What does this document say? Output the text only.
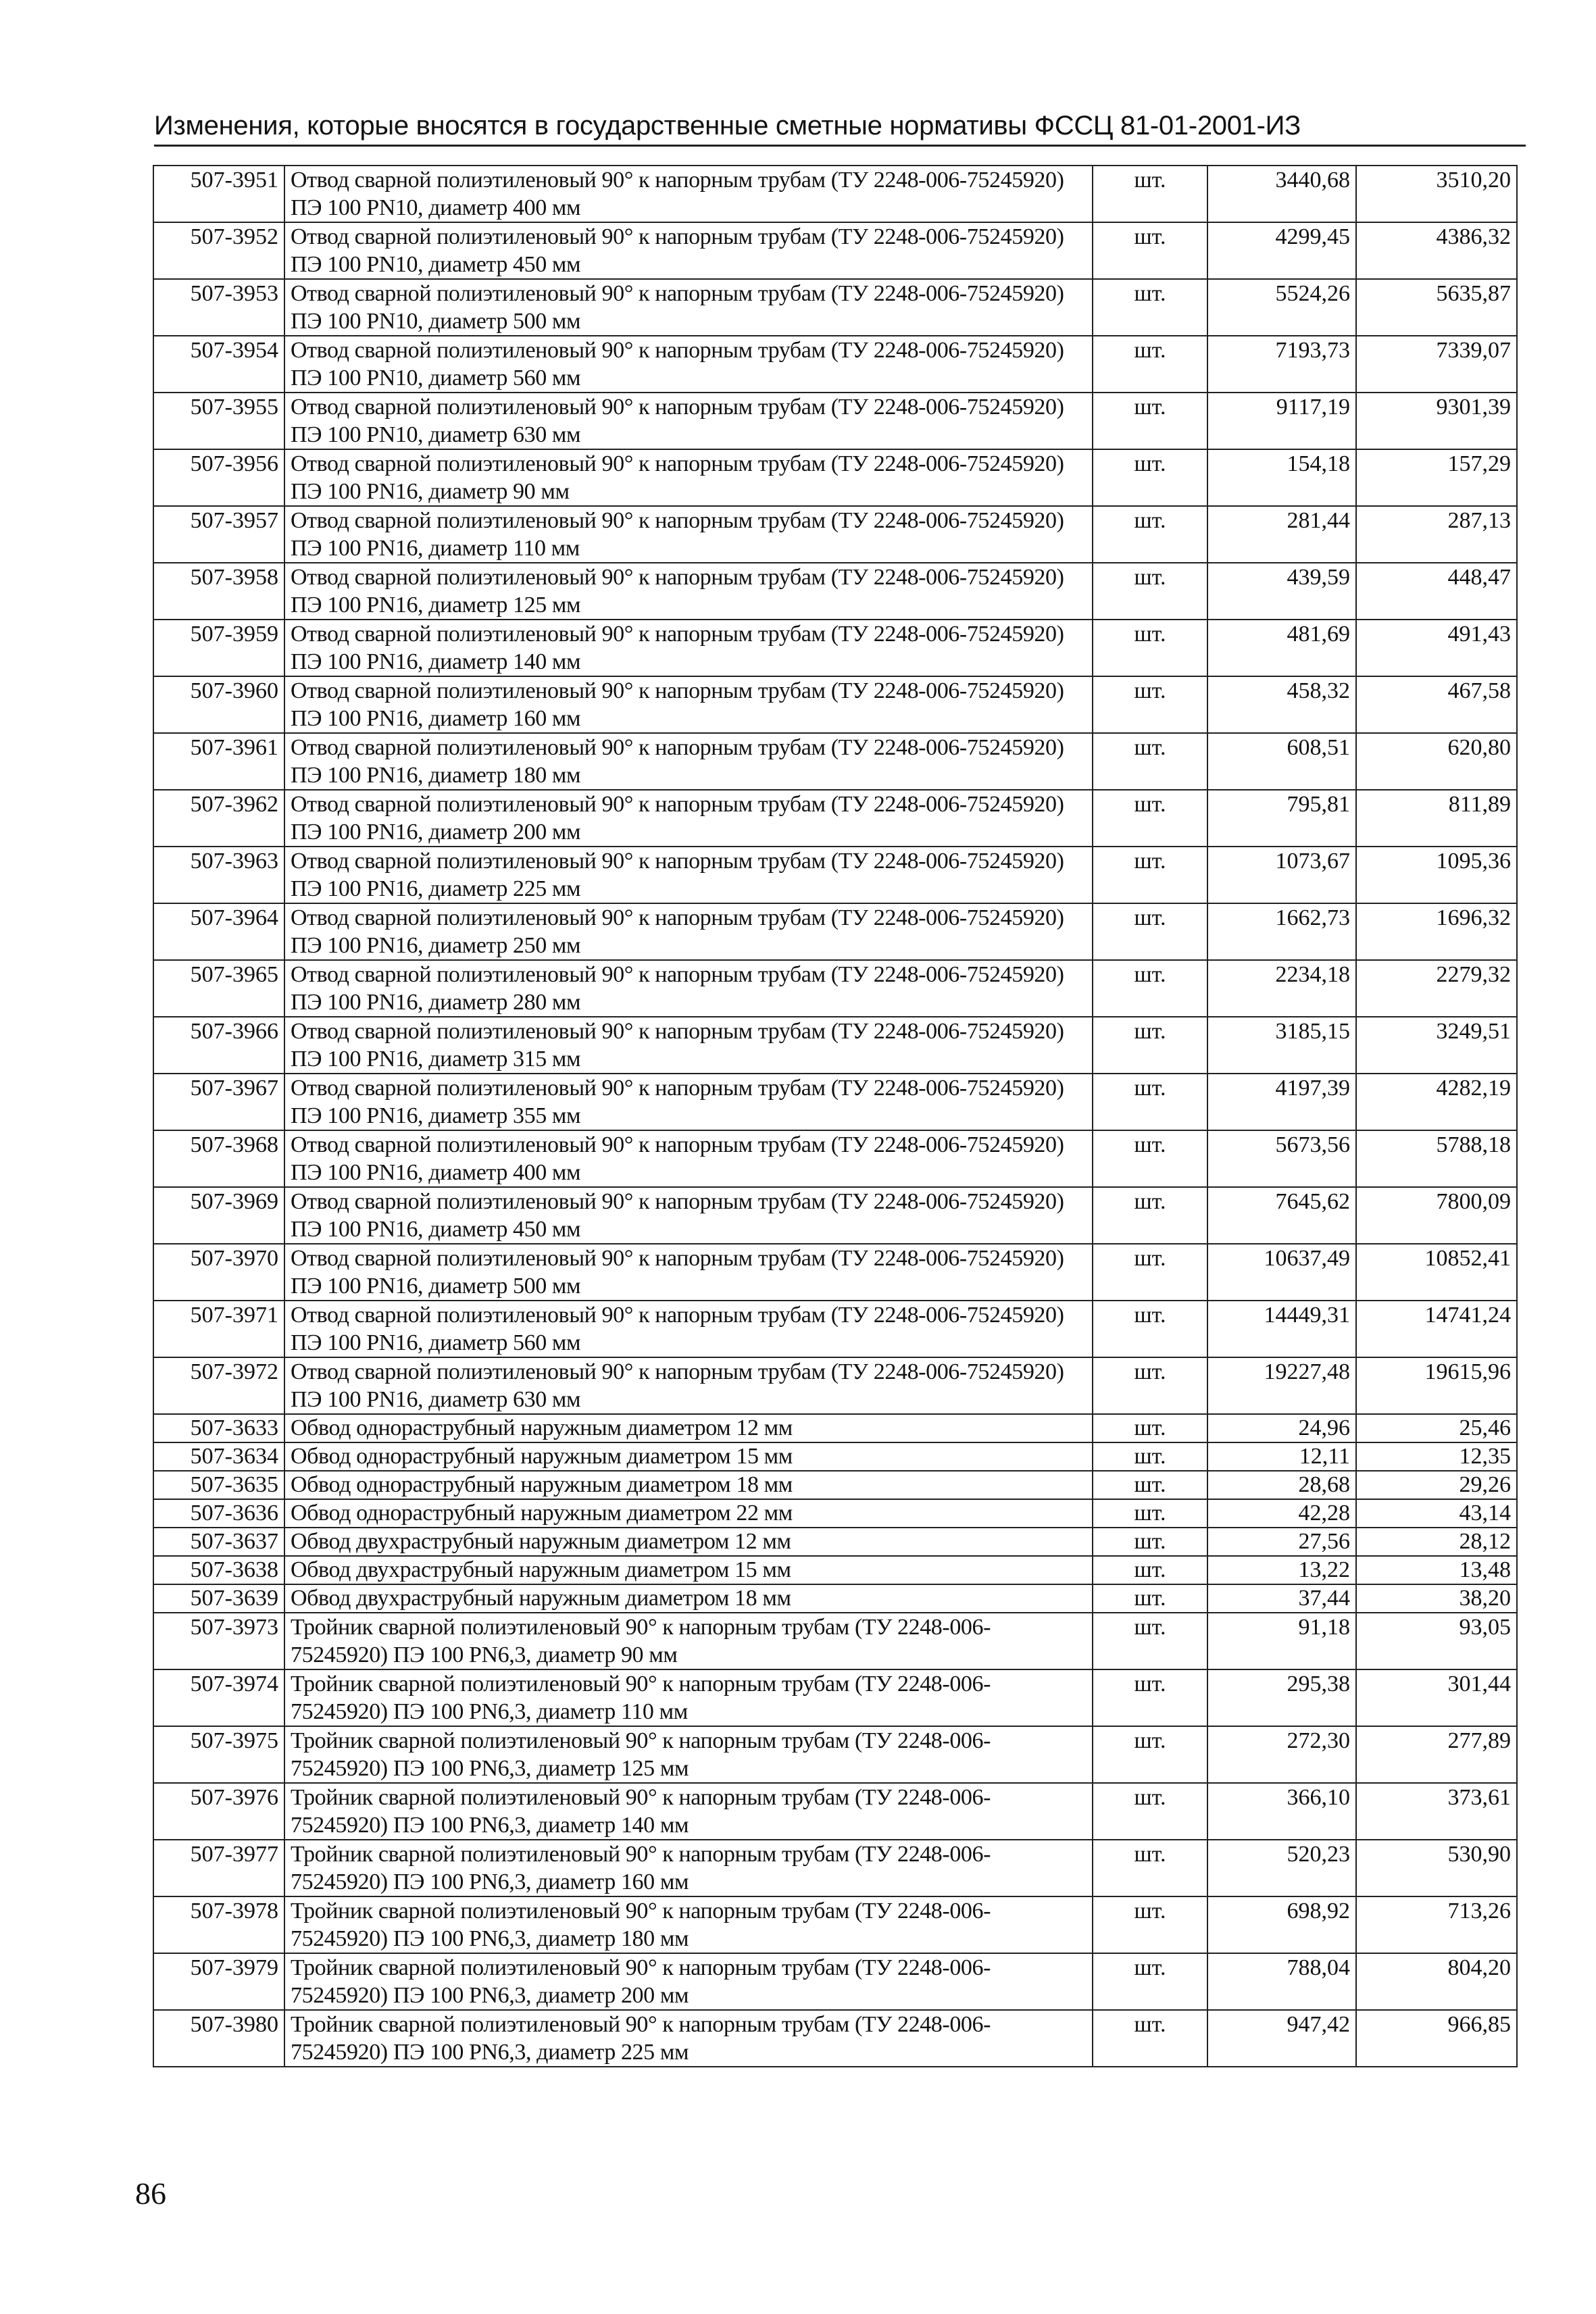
Изменения, которые вносятся в государственные сметные нормативы ФССЦ 81-01-2001-ИЗ
507-3951	Отвод сварной полиэтиленовый 90° к напорным трубам (ТУ 2248-006-75245920) ПЭ 100 PN10, диаметр 400 мм	шт.	3440,68	3510,20
507-3952	Отвод сварной полиэтиленовый 90° к напорным трубам (ТУ 2248-006-75245920) ПЭ 100 PN10, диаметр 450 мм	шт.	4299,45	4386,32
507-3953	Отвод сварной полиэтиленовый 90° к напорным трубам (ТУ 2248-006-75245920) ПЭ 100 PN10, диаметр 500 мм	шт.	5524,26	5635,87
507-3954	Отвод сварной полиэтиленовый 90° к напорным трубам (ТУ 2248-006-75245920) ПЭ 100 PN10, диаметр 560 мм	шт.	7193,73	7339,07
507-3955	Отвод сварной полиэтиленовый 90° к напорным трубам (ТУ 2248-006-75245920) ПЭ 100 PN10, диаметр 630 мм	шт.	9117,19	9301,39
507-3956	Отвод сварной полиэтиленовый 90° к напорным трубам (ТУ 2248-006-75245920) ПЭ 100 PN16, диаметр 90 мм	шт.	154,18	157,29
507-3957	Отвод сварной полиэтиленовый 90° к напорным трубам (ТУ 2248-006-75245920) ПЭ 100 PN16, диаметр 110 мм	шт.	281,44	287,13
507-3958	Отвод сварной полиэтиленовый 90° к напорным трубам (ТУ 2248-006-75245920) ПЭ 100 PN16, диаметр 125 мм	шт.	439,59	448,47
507-3959	Отвод сварной полиэтиленовый 90° к напорным трубам (ТУ 2248-006-75245920) ПЭ 100 PN16, диаметр 140 мм	шт.	481,69	491,43
507-3960	Отвод сварной полиэтиленовый 90° к напорным трубам (ТУ 2248-006-75245920) ПЭ 100 PN16, диаметр 160 мм	шт.	458,32	467,58
507-3961	Отвод сварной полиэтиленовый 90° к напорным трубам (ТУ 2248-006-75245920) ПЭ 100 PN16, диаметр 180 мм	шт.	608,51	620,80
507-3962	Отвод сварной полиэтиленовый 90° к напорным трубам (ТУ 2248-006-75245920) ПЭ 100 PN16, диаметр 200 мм	шт.	795,81	811,89
507-3963	Отвод сварной полиэтиленовый 90° к напорным трубам (ТУ 2248-006-75245920) ПЭ 100 PN16, диаметр 225 мм	шт.	1073,67	1095,36
507-3964	Отвод сварной полиэтиленовый 90° к напорным трубам (ТУ 2248-006-75245920) ПЭ 100 PN16, диаметр 250 мм	шт.	1662,73	1696,32
507-3965	Отвод сварной полиэтиленовый 90° к напорным трубам (ТУ 2248-006-75245920) ПЭ 100 PN16, диаметр 280 мм	шт.	2234,18	2279,32
507-3966	Отвод сварной полиэтиленовый 90° к напорным трубам (ТУ 2248-006-75245920) ПЭ 100 PN16, диаметр 315 мм	шт.	3185,15	3249,51
507-3967	Отвод сварной полиэтиленовый 90° к напорным трубам (ТУ 2248-006-75245920) ПЭ 100 PN16, диаметр 355 мм	шт.	4197,39	4282,19
507-3968	Отвод сварной полиэтиленовый 90° к напорным трубам (ТУ 2248-006-75245920) ПЭ 100 PN16, диаметр 400 мм	шт.	5673,56	5788,18
507-3969	Отвод сварной полиэтиленовый 90° к напорным трубам (ТУ 2248-006-75245920) ПЭ 100 PN16, диаметр 450 мм	шт.	7645,62	7800,09
507-3970	Отвод сварной полиэтиленовый 90° к напорным трубам (ТУ 2248-006-75245920) ПЭ 100 PN16, диаметр 500 мм	шт.	10637,49	10852,41
507-3971	Отвод сварной полиэтиленовый 90° к напорным трубам (ТУ 2248-006-75245920) ПЭ 100 PN16, диаметр 560 мм	шт.	14449,31	14741,24
507-3972	Отвод сварной полиэтиленовый 90° к напорным трубам (ТУ 2248-006-75245920) ПЭ 100 PN16, диаметр 630 мм	шт.	19227,48	19615,96
507-3633	Обвод однораструбный наружным диаметром 12 мм	шт.	24,96	25,46
507-3634	Обвод однораструбный наружным диаметром 15 мм	шт.	12,11	12,35
507-3635	Обвод однораструбный наружным диаметром 18 мм	шт.	28,68	29,26
507-3636	Обвод однораструбный наружным диаметром 22 мм	шт.	42,28	43,14
507-3637	Обвод двухраструбный наружным диаметром 12 мм	шт.	27,56	28,12
507-3638	Обвод двухраструбный наружным диаметром 15 мм	шт.	13,22	13,48
507-3639	Обвод двухраструбный наружным диаметром 18 мм	шт.	37,44	38,20
507-3973	Тройник сварной полиэтиленовый 90° к напорным трубам (ТУ 2248-006-75245920) ПЭ 100 PN6,3, диаметр 90 мм	шт.	91,18	93,05
507-3974	Тройник сварной полиэтиленовый 90° к напорным трубам (ТУ 2248-006-75245920) ПЭ 100 PN6,3, диаметр 110 мм	шт.	295,38	301,44
507-3975	Тройник сварной полиэтиленовый 90° к напорным трубам (ТУ 2248-006-75245920) ПЭ 100 PN6,3, диаметр 125 мм	шт.	272,30	277,89
507-3976	Тройник сварной полиэтиленовый 90° к напорным трубам (ТУ 2248-006-75245920) ПЭ 100 PN6,3, диаметр 140 мм	шт.	366,10	373,61
507-3977	Тройник сварной полиэтиленовый 90° к напорным трубам (ТУ 2248-006-75245920) ПЭ 100 PN6,3, диаметр 160 мм	шт.	520,23	530,90
507-3978	Тройник сварной полиэтиленовый 90° к напорным трубам (ТУ 2248-006-75245920) ПЭ 100 PN6,3, диаметр 180 мм	шт.	698,92	713,26
507-3979	Тройник сварной полиэтиленовый 90° к напорным трубам (ТУ 2248-006-75245920) ПЭ 100 PN6,3, диаметр 200 мм	шт.	788,04	804,20
507-3980	Тройник сварной полиэтиленовый 90° к напорным трубам (ТУ 2248-006-75245920) ПЭ 100 PN6,3, диаметр 225 мм	шт.	947,42	966,85
86
